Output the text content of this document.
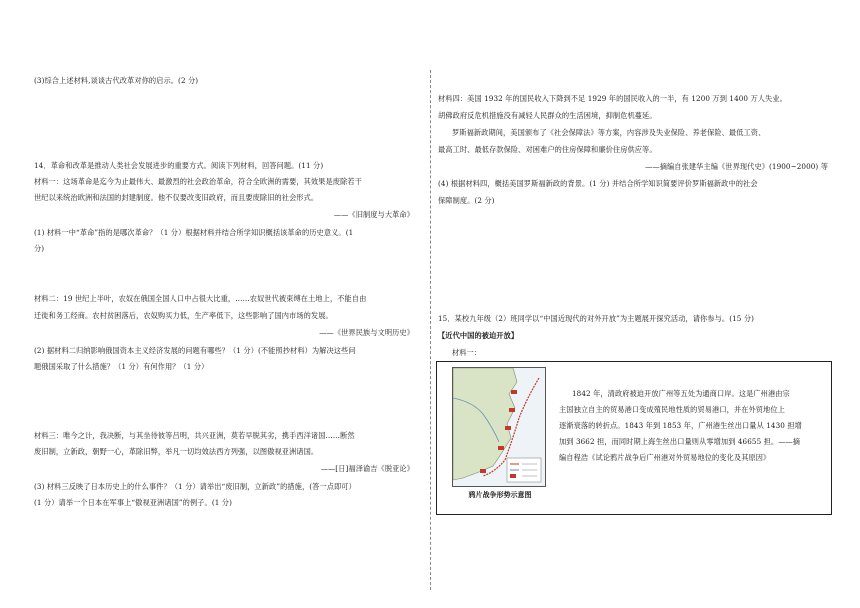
(3)综合上述材料,谈谈古代改革对你的启示。(2 分)
14．革命和改革是推动人类社会发展进步的重要方式。阅读下列材料，回答问题。(11 分)
材料一：这场革命是迄今为止最伟大、最激烈的社会政治革命，符合全欧洲的需要，其效果是废除若干
世纪以来统治欧洲和法国的封建制度。他不仅要改变旧政府，而且要废除旧的社会形式。
——《旧制度与大革命》
(1) 材料一中“革命”指的是哪次革命？（1 分）根据材料并结合所学知识概括该革命的历史意义。(1
分)
材料二：19 世纪上半叶，农奴在俄国全国人口中占很大比重，……农奴世代被束缚在土地上，不能自由
迁徙和务工经商。农村贫困落后，农奴购买力低，生产率低下，这些影响了国内市场的发展。
——《世界民族与文明历史》
(2) 据材料二归纳影响俄国资本主义经济发展的问题有哪些？（1 分）(不能照抄材料）为解决这些问
题俄国采取了什么措施？（1 分）有何作用？（1 分）
材料三：唯今之计，我决断，与其坐待彼等吕明，共兴亚洲，莫若早脱其劣，携手西洋诸国……断然
废旧制，立新政，朝野一心，革除旧弊，举凡一切均效法西方列强，以图傲视亚洲诸国。
——[日]福泽谕吉《脱亚论》
(3) 材料三反映了日本历史上的什么事件？（1 分）请举出“废旧制，立新政”的措施，(答一点即可）
(1 分）请举一个日本在军事上“傲视亚洲诸国”的例子。(1 分)
材料四：美国 1932 年的国民收入下降到不足 1929 年的国民收入的一半，有 1200 万到 1400 万人失业。
胡佛政府反危机措施没有减轻人民群众的生活困境，抑制危机蔓延。
罗斯福新政期间，美国颁布了《社会保障法》等方案，内容涉及失业保险、养老保险、最低工资、
最高工时、最低存款保险、对困难户的住房保障和廉价住房供应等。
——摘编自张建华主编《世界现代史》(1900~2000) 等
(4) 根据材料四，概括美国罗斯福新政的背景。(1 分) 并结合所学知识简要评价罗斯福新政中的社会
保障制度。(2 分)
15．某校九年级（2）班同学以“中国近现代的对外开放”为主题展开探究活动，请你参与。(15 分)
【近代中国的被迫开放】
材料一：
鸦片战争形势示意图
1842 年，清政府被迫开放广州等五处为通商口岸。这是广州港由宗
主国独立自主的贸易港口变成殖民地性质的贸易港口，并在外贸地位上
逐渐衰落的转折点。1843 年到 1853 年，广州港生丝出口量从 1430 担增
加到 3662 担，而同时期上海生丝出口量则从零增加到 46655 担。——摘
编自程浩《试论鸦片战争后广州港对外贸易地位的变化及其原因》
